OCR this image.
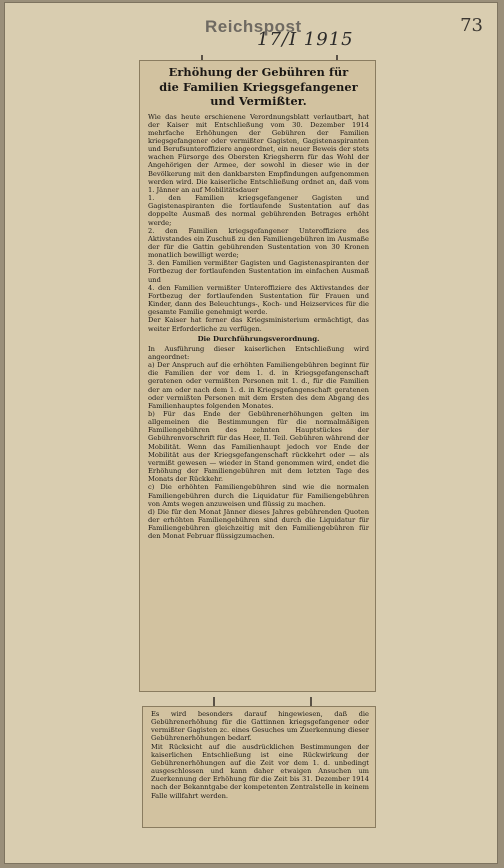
Reichspost
17/I 1915
73
Erhöhung der Gebühren für
die Familien Kriegsgefangener
und Vermißter.

Wie das heute erschienene Verordnungsblatt verlautbart, hat der Kaiser mit Entschließung vom 30. Dezember 1914 mehrfache Erhöhungen der Gebühren der Familien kriegsgefangener oder vermißter Gagisten, Gagistenaspiranten und Berufsunteroffiziere angeordnet, ein neuer Beweis der stets wachen Fürsorge des Obersten Kriegsherrn für das Wohl der Angehörigen der Armee, der sowohl in dieser wie in der Bevölkerung mit den dankbarsten Empfindungen aufgenommen werden wird. Die kaiserliche Entschließung ordnet an, daß vom 1. Jänner an auf Mobilitätsdauer

1. den Familien kriegsgefangener Gagisten und Gagistenaspiranten die fortlaufende Sustentation auf das doppelte Ausmaß des normal gebührenden Betrages erhöht werde;

2. den Familien kriegsgefangener Unteroffiziere des Aktivstandes ein Zuschuß zu den Familiengebühren im Ausmaße der für die Gattin gebührenden Sustentation von 30 Kronen monatlich bewilligt werde;

3. den Familien vermißter Gagisten und Gagistenaspiranten der Fortbezug der fortlaufenden Sustentation im einfachen Ausmaß und

4. den Familien vermißter Unteroffiziere des Aktivstandes der Fortbezug der fortlaufenden Sustentation für Frauen und Kinder, dann des Beleuchtungs-, Koch- und Heizservices für die gesamte Familie genehmigt werde.

Der Kaiser hat ferner das Kriegsministerium ermächtigt, das weiter Erforderliche zu verfügen.

Die Durchführungsverordnung.

In Ausführung dieser kaiserlichen Entschließung wird angeordnet:

a) Der Anspruch auf die erhöhten Familiengebühren beginnt für die Familien der vor dem 1. d. in Kriegsgefangenschaft geratenen oder vermißten Personen mit 1. d., für die Familien der am oder nach dem 1. d. in Kriegsgefangenschaft geratenen oder vermißten Personen mit dem Ersten des dem Abgang des Familienhauptes folgenden Monates.

b) Für das Ende der Gebührenerhöhungen gelten im allgemeinen die Bestimmungen für die normalmäßigen Familiengebühren des zehnten Hauptstückes der Gebührenvorschrift für das Heer, II. Teil. Gebühren während der Mobilität. Wenn das Familienhaupt jedoch vor Ende der Mobilität aus der Kriegsgefangenschaft rückkehrt oder — als vermißt gewesen — wieder in Stand genommen wird, endet die Erhöhung der Familiengebühren mit dem letzten Tage des Monats der Rückkehr.

c) Die erhöhten Familiengebühren sind wie die normalen Familiengebühren durch die Liquidatur für Familiengebühren von Amts wegen anzuweisen und flüssig zu machen.

d) Die für den Monat Jänner dieses Jahres gebührenden Quoten der erhöhten Familiengebühren sind durch die Liquidatur für Familiengebühren gleichzeitig mit den Familiengebühren für den Monat Februar flüssigzumachen.

Es wird besonders darauf hingewiesen, daß die Gebührenerhöhung für die Gattinnen kriegsgefangener oder vermißter Gagisten zc. eines Gesuches um Zuerkennung dieser Gebührenerhöhungen bedarf.

Mit Rücksicht auf die ausdrücklichen Bestimmungen der kaiserlichen Entschließung ist eine Rückwirkung der Gebührenerhöhungen auf die Zeit vor dem 1. d. unbedingt ausgeschlossen und kann daher etwaigen Ansuchen um Zuerkennung der Erhöhung für die Zeit bis 31. Dezember 1914 nach der Bekanntgabe der kompetenten Zentralstelle in keinem Falle willfahrt werden.
